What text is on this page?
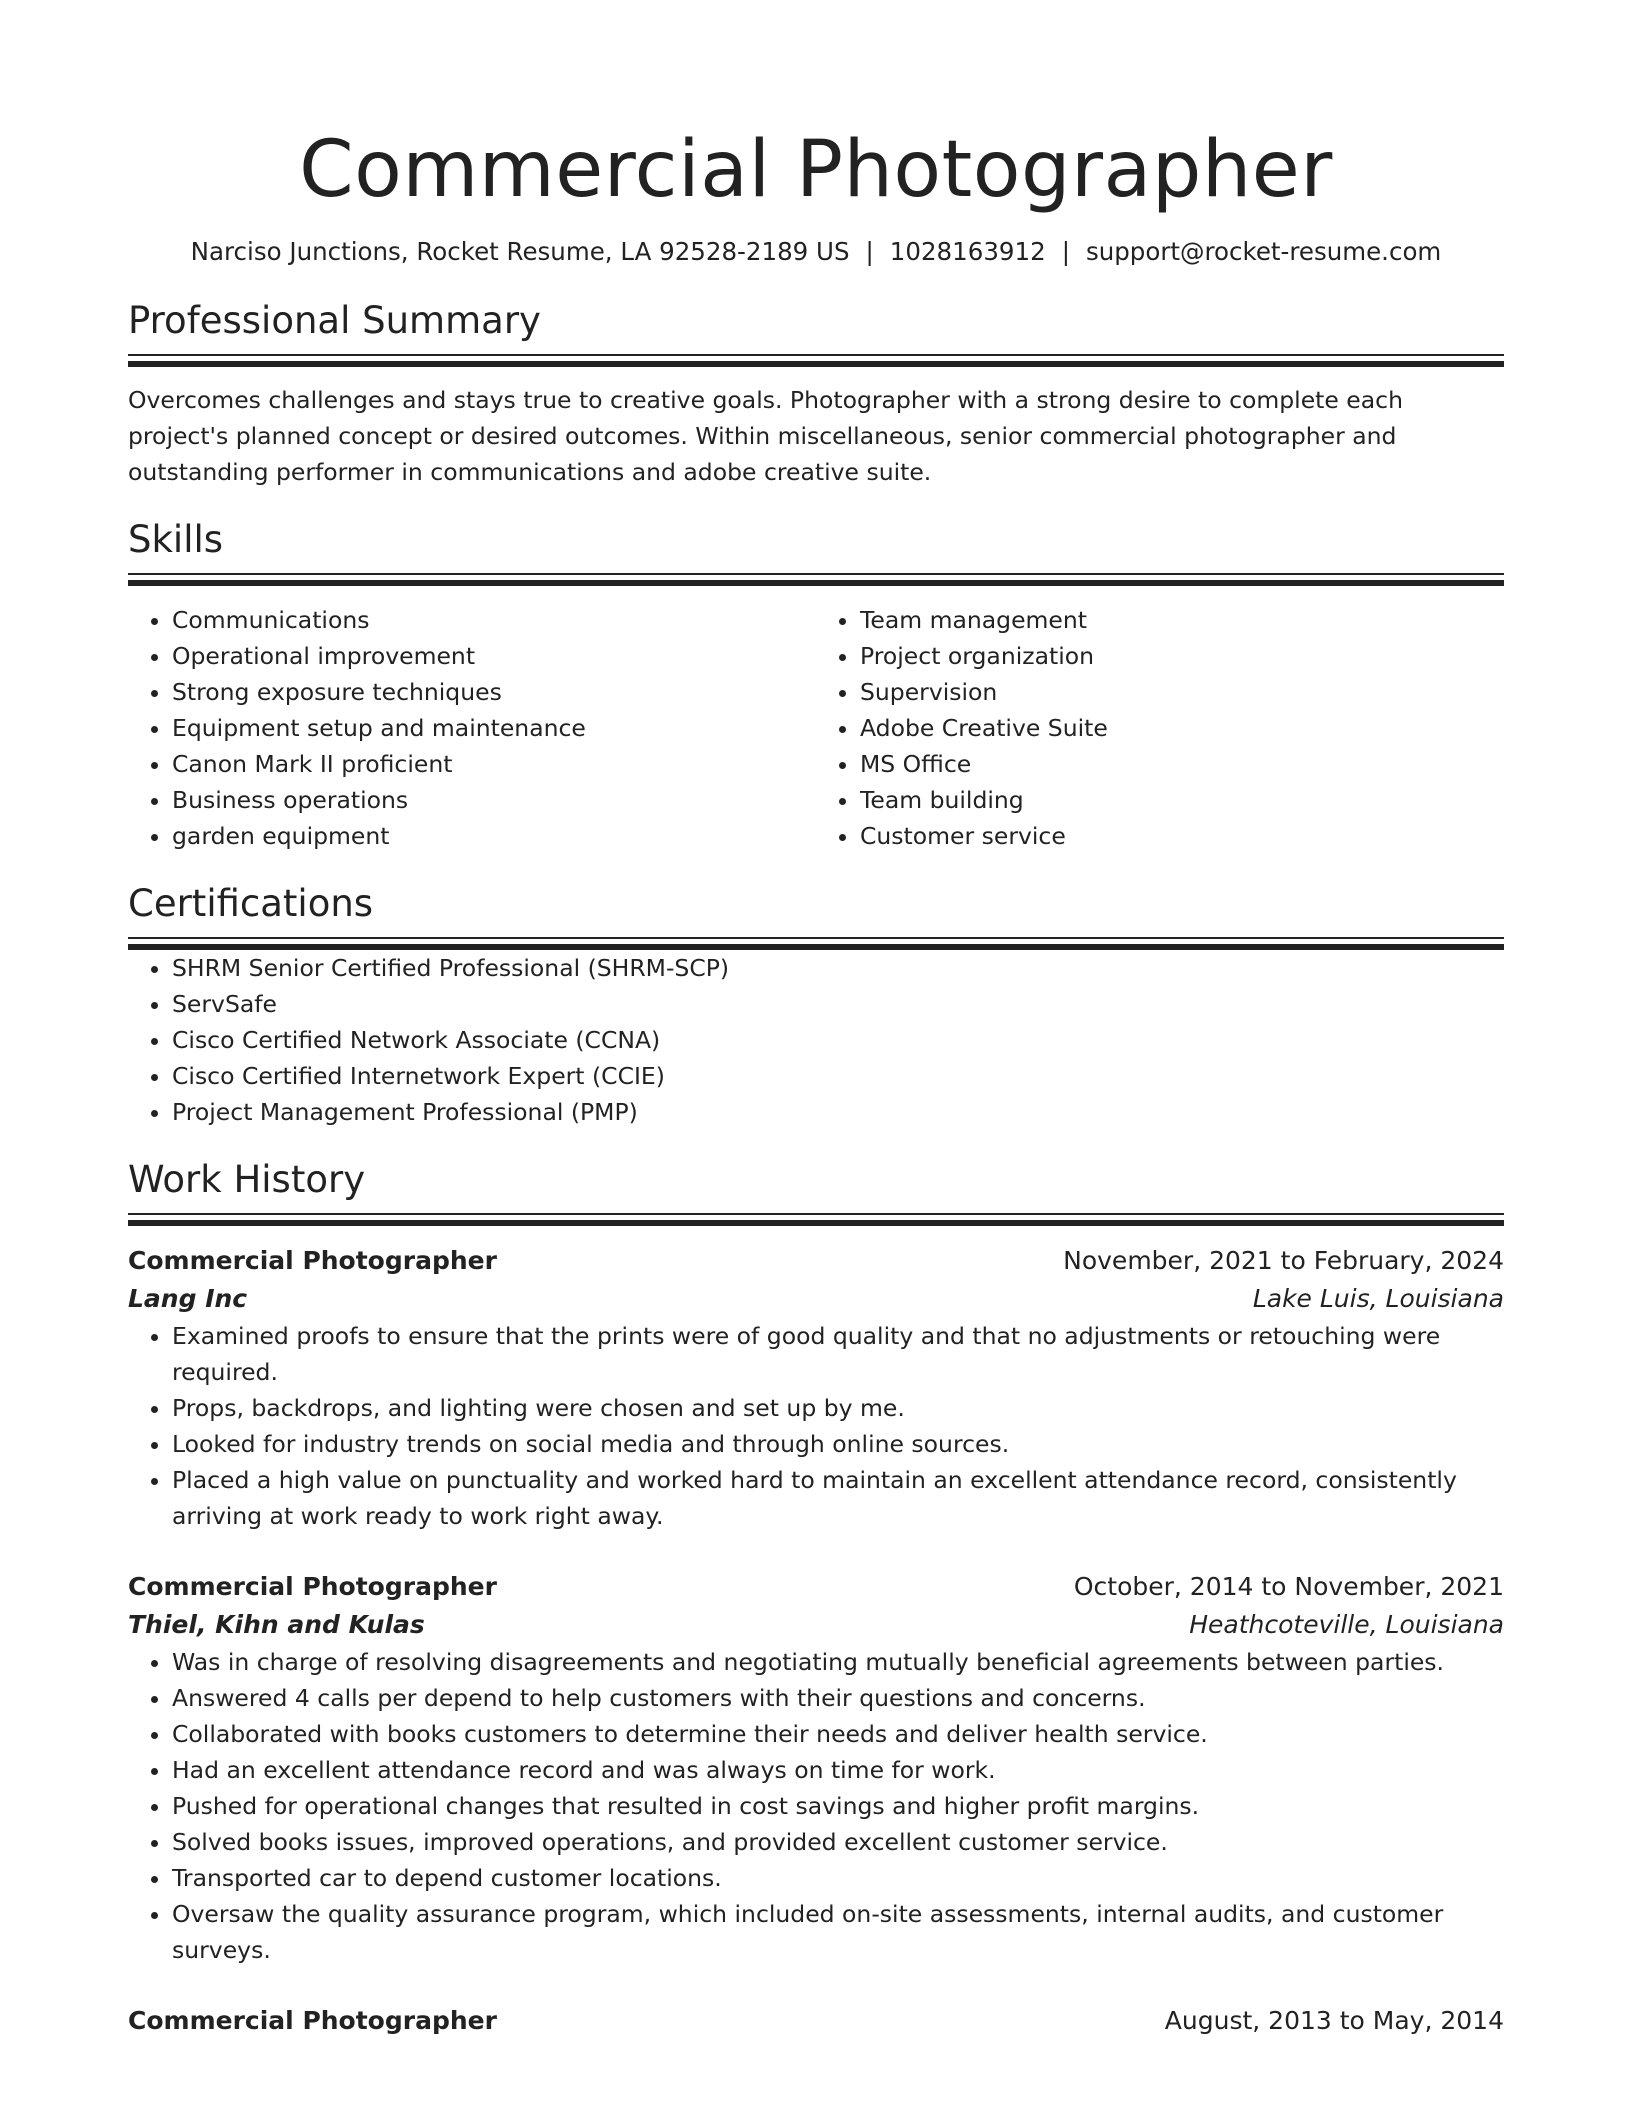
Commercial Photographer
Narciso Junctions, Rocket Resume, LA 92528-2189 US | 1028163912 | support@rocket-resume.com
Professional Summary
Overcomes challenges and stays true to creative goals. Photographer with a strong desire to complete each project's planned concept or desired outcomes. Within miscellaneous, senior commercial photographer and outstanding performer in communications and adobe creative suite.
Skills
• Communications
• Operational improvement
• Strong exposure techniques
• Equipment setup and maintenance
• Canon Mark II proficient
• Business operations
• garden equipment
• Team management
• Project organization
• Supervision
• Adobe Creative Suite
• MS Office
• Team building
• Customer service
Certifications
• SHRM Senior Certified Professional (SHRM-SCP)
• ServSafe
• Cisco Certified Network Associate (CCNA)
• Cisco Certified Internetwork Expert (CCIE)
• Project Management Professional (PMP)
Work History
Commercial Photographer	November, 2021 to February, 2024
Lang Inc	Lake Luis, Louisiana
• Examined proofs to ensure that the prints were of good quality and that no adjustments or retouching were required.
• Props, backdrops, and lighting were chosen and set up by me.
• Looked for industry trends on social media and through online sources.
• Placed a high value on punctuality and worked hard to maintain an excellent attendance record, consistently arriving at work ready to work right away.
Commercial Photographer	October, 2014 to November, 2021
Thiel, Kihn and Kulas	Heathcoteville, Louisiana
• Was in charge of resolving disagreements and negotiating mutually beneficial agreements between parties.
• Answered 4 calls per depend to help customers with their questions and concerns.
• Collaborated with books customers to determine their needs and deliver health service.
• Had an excellent attendance record and was always on time for work.
• Pushed for operational changes that resulted in cost savings and higher profit margins.
• Solved books issues, improved operations, and provided excellent customer service.
• Transported car to depend customer locations.
• Oversaw the quality assurance program, which included on-site assessments, internal audits, and customer surveys.
Commercial Photographer	August, 2013 to May, 2014
